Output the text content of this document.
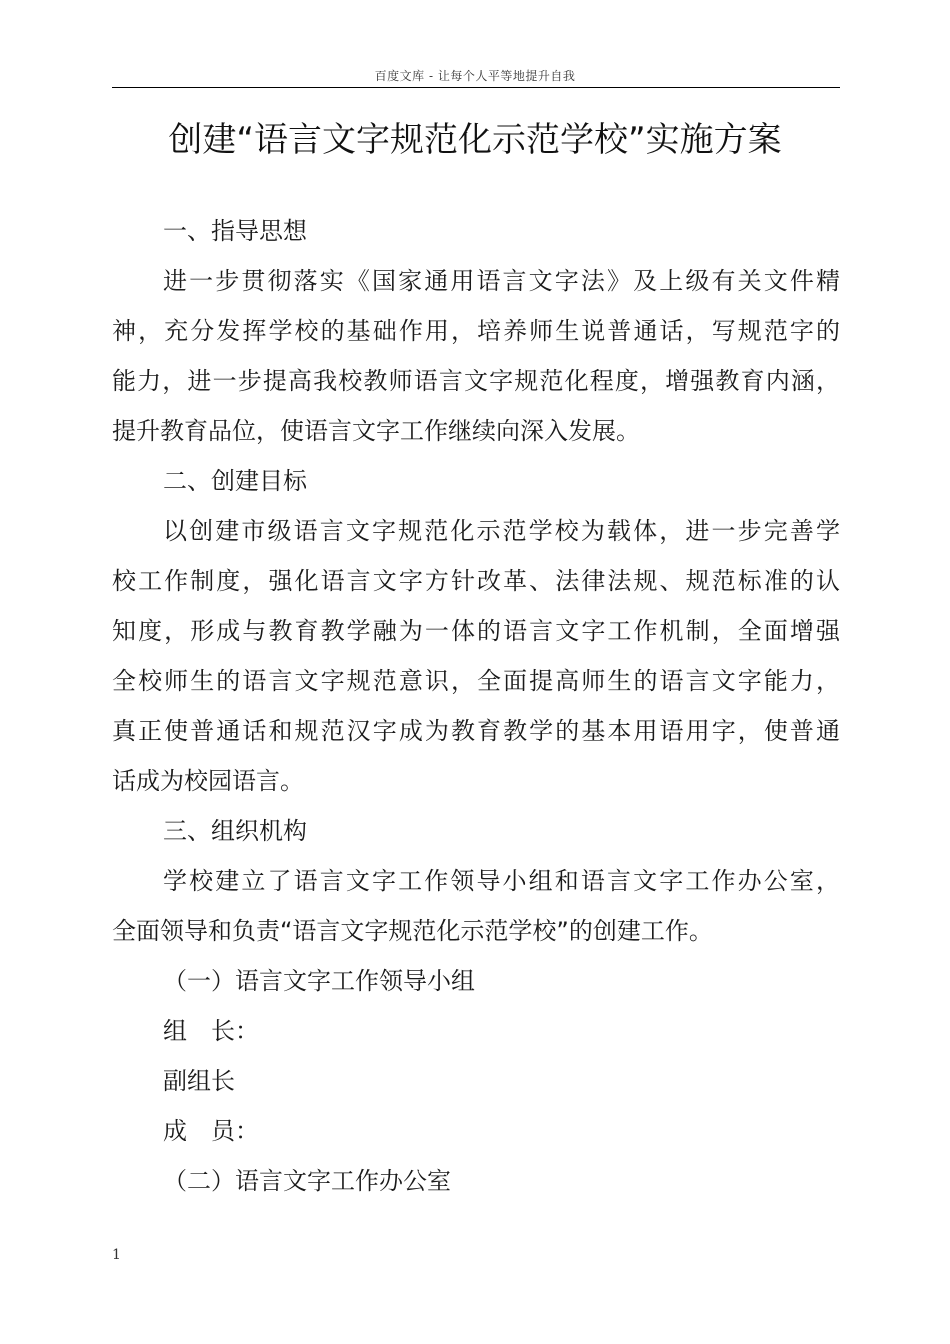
百度文库 - 让每个人平等地提升自我
创建“语言文字规范化示范学校”实施方案
一、指导思想
进一步贯彻落实《国家通用语言文字法》及上级有关文件精
神，充分发挥学校的基础作用，培养师生说普通话，写规范字的
能力，进一步提高我校教师语言文字规范化程度，增强教育内涵，
提升教育品位，使语言文字工作继续向深入发展。
二、创建目标
以创建市级语言文字规范化示范学校为载体，进一步完善学
校工作制度，强化语言文字方针改革、法律法规、规范标准的认
知度，形成与教育教学融为一体的语言文字工作机制，全面增强
全校师生的语言文字规范意识，全面提高师生的语言文字能力，
真正使普通话和规范汉字成为教育教学的基本用语用字，使普通
话成为校园语言。
三、组织机构
学校建立了语言文字工作领导小组和语言文字工作办公室，
全面领导和负责“语言文字规范化示范学校”的创建工作。
（一）语言文字工作领导小组
组　长：
副组长
成　员：
（二）语言文字工作办公室
1
